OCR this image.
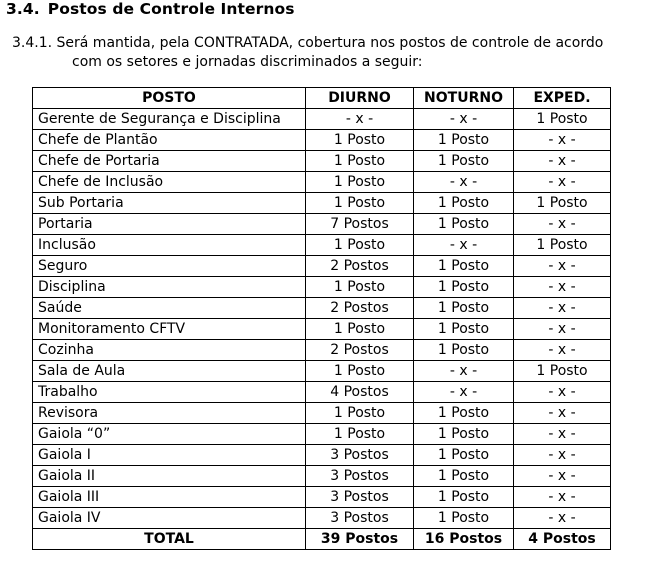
3.4. Postos de Controle Internos
3.4.1. Será mantida, pela CONTRATADA, cobertura nos postos de controle de acordo
com os setores e jornadas discriminados a seguir:
POSTO	DIURNO	NOTURNO	EXPED.
Gerente de Segurança e Disciplina	- x -	- x -	1 Posto
Chefe de Plantão	1 Posto	1 Posto	- x -
Chefe de Portaria	1 Posto	1 Posto	- x -
Chefe de Inclusão	1 Posto	- x -	- x -
Sub Portaria	1 Posto	1 Posto	1 Posto
Portaria	7 Postos	1 Posto	- x -
Inclusão	1 Posto	- x -	1 Posto
Seguro	2 Postos	1 Posto	- x -
Disciplina	1 Posto	1 Posto	- x -
Saúde	2 Postos	1 Posto	- x -
Monitoramento CFTV	1 Posto	1 Posto	- x -
Cozinha	2 Postos	1 Posto	- x -
Sala de Aula	1 Posto	- x -	1 Posto
Trabalho	4 Postos	- x -	- x -
Revisora	1 Posto	1 Posto	- x -
Gaiola “0”	1 Posto	1 Posto	- x -
Gaiola I	3 Postos	1 Posto	- x -
Gaiola II	3 Postos	1 Posto	- x -
Gaiola III	3 Postos	1 Posto	- x -
Gaiola IV	3 Postos	1 Posto	- x -
TOTAL	39 Postos	16 Postos	4 Postos
